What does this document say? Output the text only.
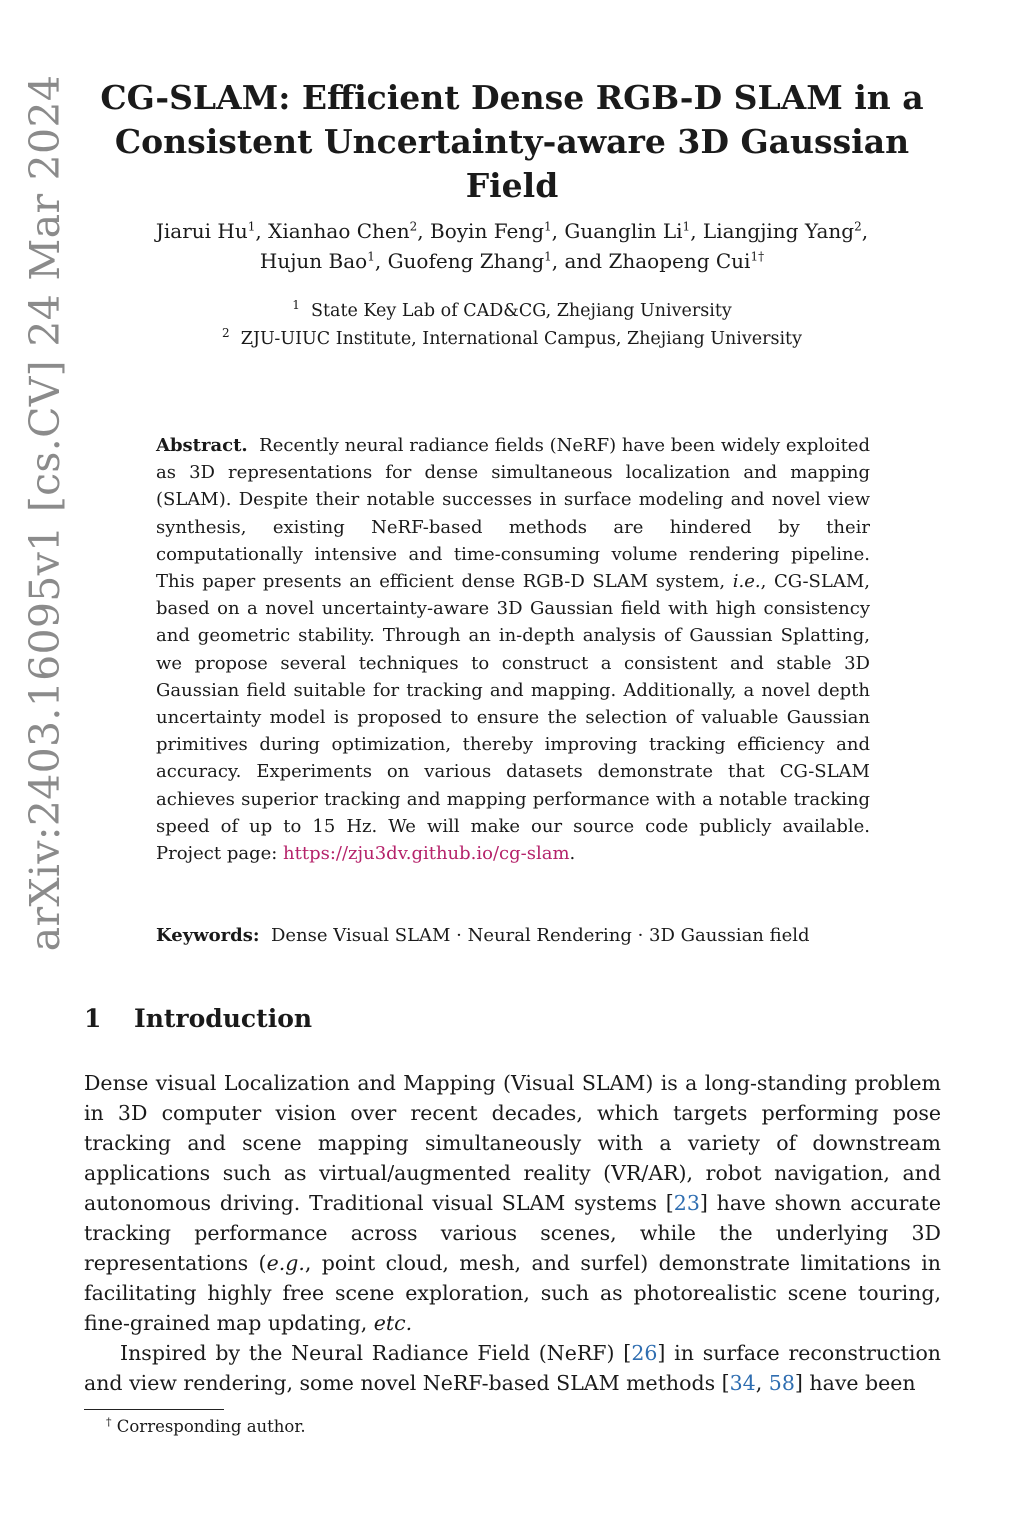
arXiv:2403.16095v1 [cs.CV] 24 Mar 2024 CG-SLAM: Efficient Dense RGB-D SLAM in a
Consistent Uncertainty-aware 3D Gaussian Field
Jiarui Hu$^1$, Xianhao Chen$^2$, Boyin Feng$^1$, Guanglin Li$^1$, Liangjing Yang$^2$,
Hujun Bao$^1$, Guofeng Zhang$^1$, and Zhaopeng Cui$^{1\dagger}$
$^1$ State Key Lab of CAD&CG, Zhejiang University
$^2$ ZJU-UIUC Institute, International Campus, Zhejiang University
Abstract. Recently neural radiance fields (NeRF) have been widely exploited as 3D representations for dense simultaneous localization and mapping (SLAM). Despite their notable successes in surface modeling and novel view synthesis, existing NeRF-based methods are hindered by their computationally intensive and time-consuming volume rendering pipeline. This paper presents an efficient dense RGB-D SLAM system, i.e., CG-SLAM, based on a novel uncertainty-aware 3D Gaussian field with high consistency and geometric stability. Through an in-depth analysis of Gaussian Splatting, we propose several techniques to construct a consistent and stable 3D Gaussian field suitable for tracking and mapping. Additionally, a novel depth uncertainty model is proposed to ensure the selection of valuable Gaussian primitives during optimization, thereby improving tracking efficiency and accuracy. Experiments on various datasets demonstrate that CG-SLAM achieves superior tracking and mapping performance with a notable tracking speed of up to 15 Hz. We will make our source code publicly available. Project page: https://zju3dv.github.io/cg-slam.
Keywords: Dense Visual SLAM · Neural Rendering · 3D Gaussian field
1 Introduction

Dense visual Localization and Mapping (Visual SLAM) is a long-standing problem in 3D computer vision over recent decades, which targets performing pose tracking and scene mapping simultaneously with a variety of downstream applications such as virtual/augmented reality (VR/AR), robot navigation, and autonomous driving. Traditional visual SLAM systems [23] have shown accurate tracking performance across various scenes, while the underlying 3D representations (e.g., point cloud, mesh, and surfel) demonstrate limitations in facilitating highly free scene exploration, such as photorealistic scene touring, fine-grained map updating, etc.

Inspired by the Neural Radiance Field (NeRF) [26] in surface reconstruction and view rendering, some novel NeRF-based SLAM methods [34, 58] have been

† Corresponding author.
